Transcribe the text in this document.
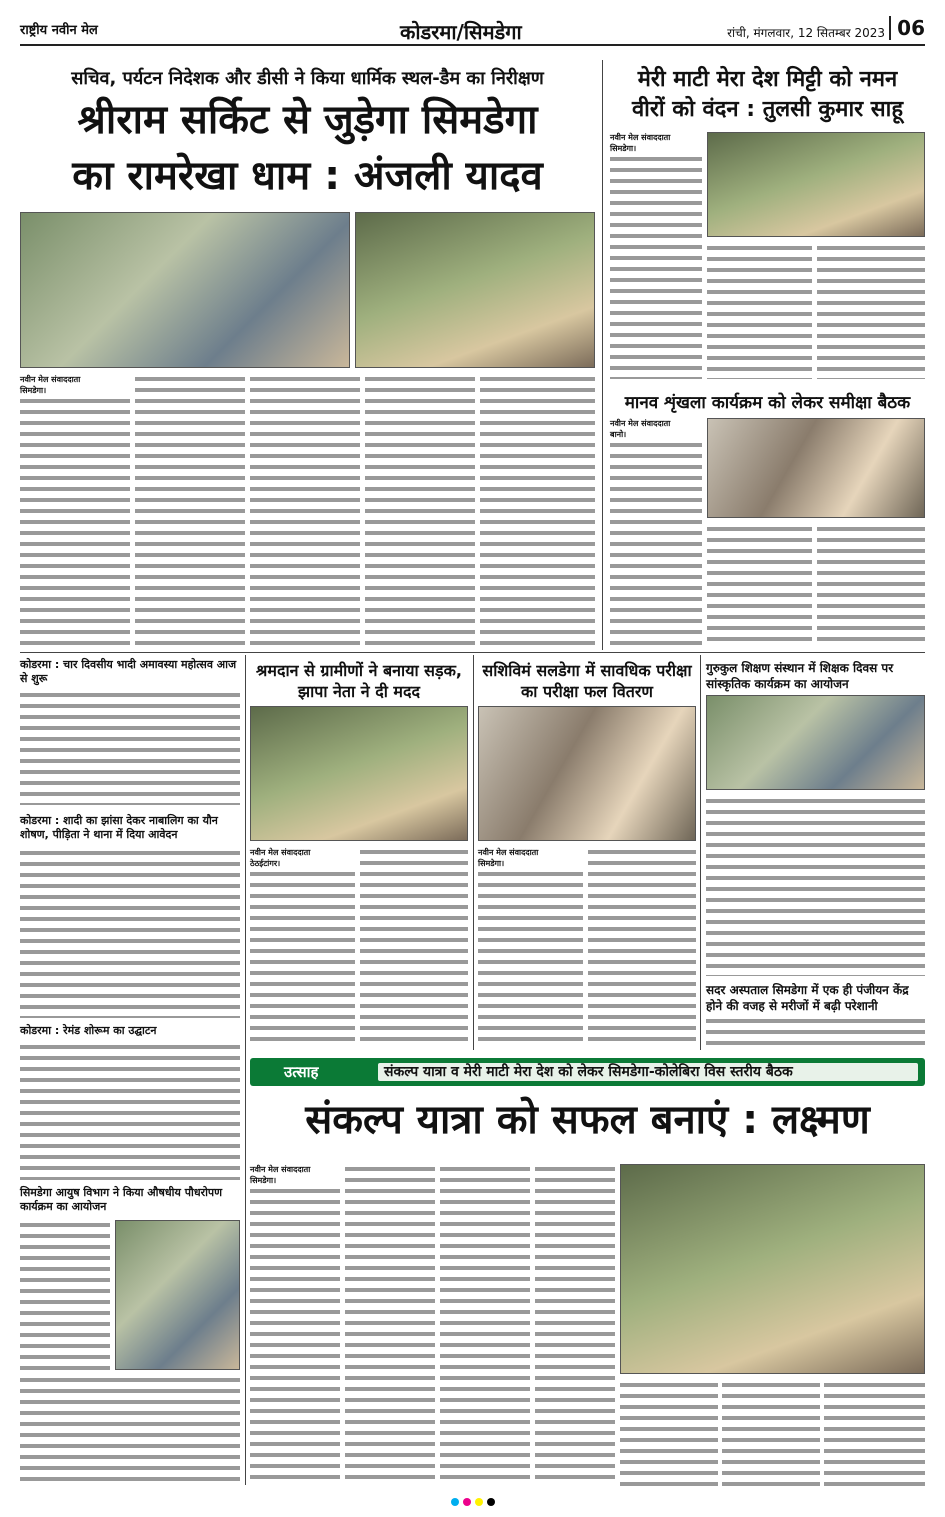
राष्ट्रीय नवीन मेल	कोडरमा/सिमडेगा	रांची, मंगलवार, 12 सितम्बर 2023 06
सचिव, पर्यटन निदेशक और डीसी ने किया धार्मिक स्थल-डैम का निरीक्षण
श्रीराम सर्किट से जुड़ेगा सिमडेगा
का रामरेखा धाम : अंजली यादव
नवीन मेल संवाददाता
सिमडेगा।
मेरी माटी मेरा देश मिट्टी को नमन
वीरों को वंदन : तुलसी कुमार साहू
नवीन मेल संवाददाता
सिमडेगा।
मानव शृंखला कार्यक्रम को लेकर समीक्षा बैठक
नवीन मेल संवाददाता
बानो।
कोडरमा : चार दिवसीय भादी अमावस्या महोत्सव आज से शुरू
कोडरमा : शादी का झांसा देकर नाबालिग का यौन शोषण, पीड़िता ने थाना में दिया आवेदन
कोडरमा : रेमंड शोरूम का उद्घाटन
सिमडेगा आयुष विभाग ने किया औषधीय पौधरोपण कार्यक्रम का आयोजन
श्रमदान से ग्रामीणों ने बनाया सड़क, झापा नेता ने दी मदद
नवीन मेल संवाददाता
ठेठईटांगर।
सशिविमं सलडेगा में सावधिक परीक्षा का परीक्षा फल वितरण
नवीन मेल संवाददाता
सिमडेगा।
गुरुकुल शिक्षण संस्थान में शिक्षक दिवस पर सांस्कृतिक कार्यक्रम का आयोजन
सदर अस्पताल सिमडेगा में एक ही पंजीयन केंद्र होने की वजह से मरीजों में बढ़ी परेशानी
उत्साह	संकल्प यात्रा व मेरी माटी मेरा देश को लेकर सिमडेगा-कोलेबिरा विस स्तरीय बैठक
संकल्प यात्रा को सफल बनाएं : लक्ष्मण
नवीन मेल संवाददाता
सिमडेगा।
